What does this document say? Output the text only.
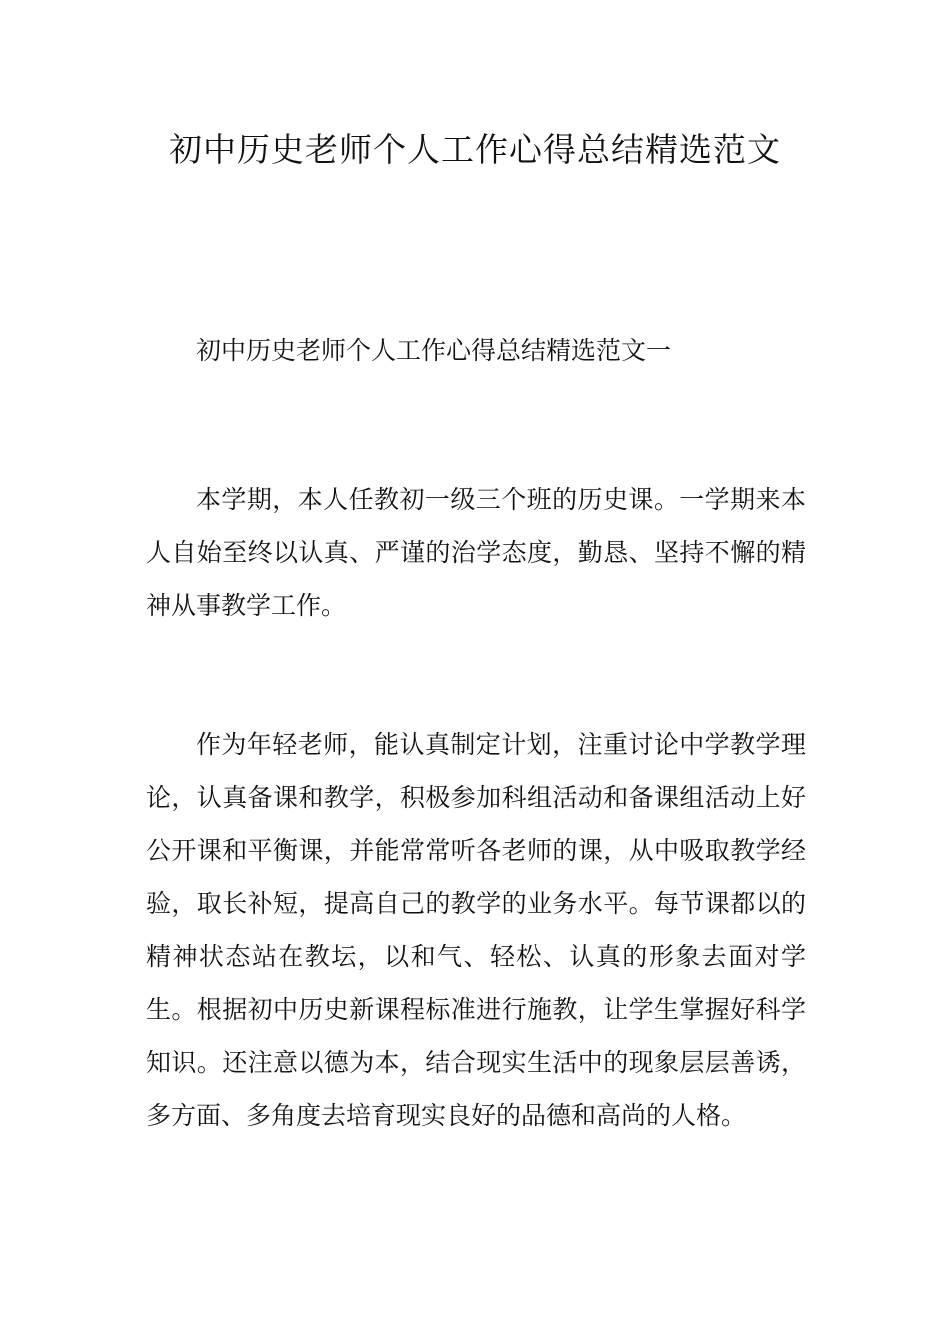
初中历史老师个人工作心得总结精选范文
初中历史老师个人工作心得总结精选范文一

本学期，本人任教初一级三个班的历史课。一学期来本人自始至终以认真、严谨的治学态度，勤恳、坚持不懈的精神从事教学工作。

作为年轻老师，能认真制定计划，注重讨论中学教学理论，认真备课和教学，积极参加科组活动和备课组活动上好公开课和平衡课，并能常常听各老师的课，从中吸取教学经验，取长补短，提高自己的教学的业务水平。每节课都以的精神状态站在教坛，以和气、轻松、认真的形象去面对学生。根据初中历史新课程标准进行施教，让学生掌握好科学知识。还注意以德为本，结合现实生活中的现象层层善诱，多方面、多角度去培育现实良好的品德和高尚的人格。
